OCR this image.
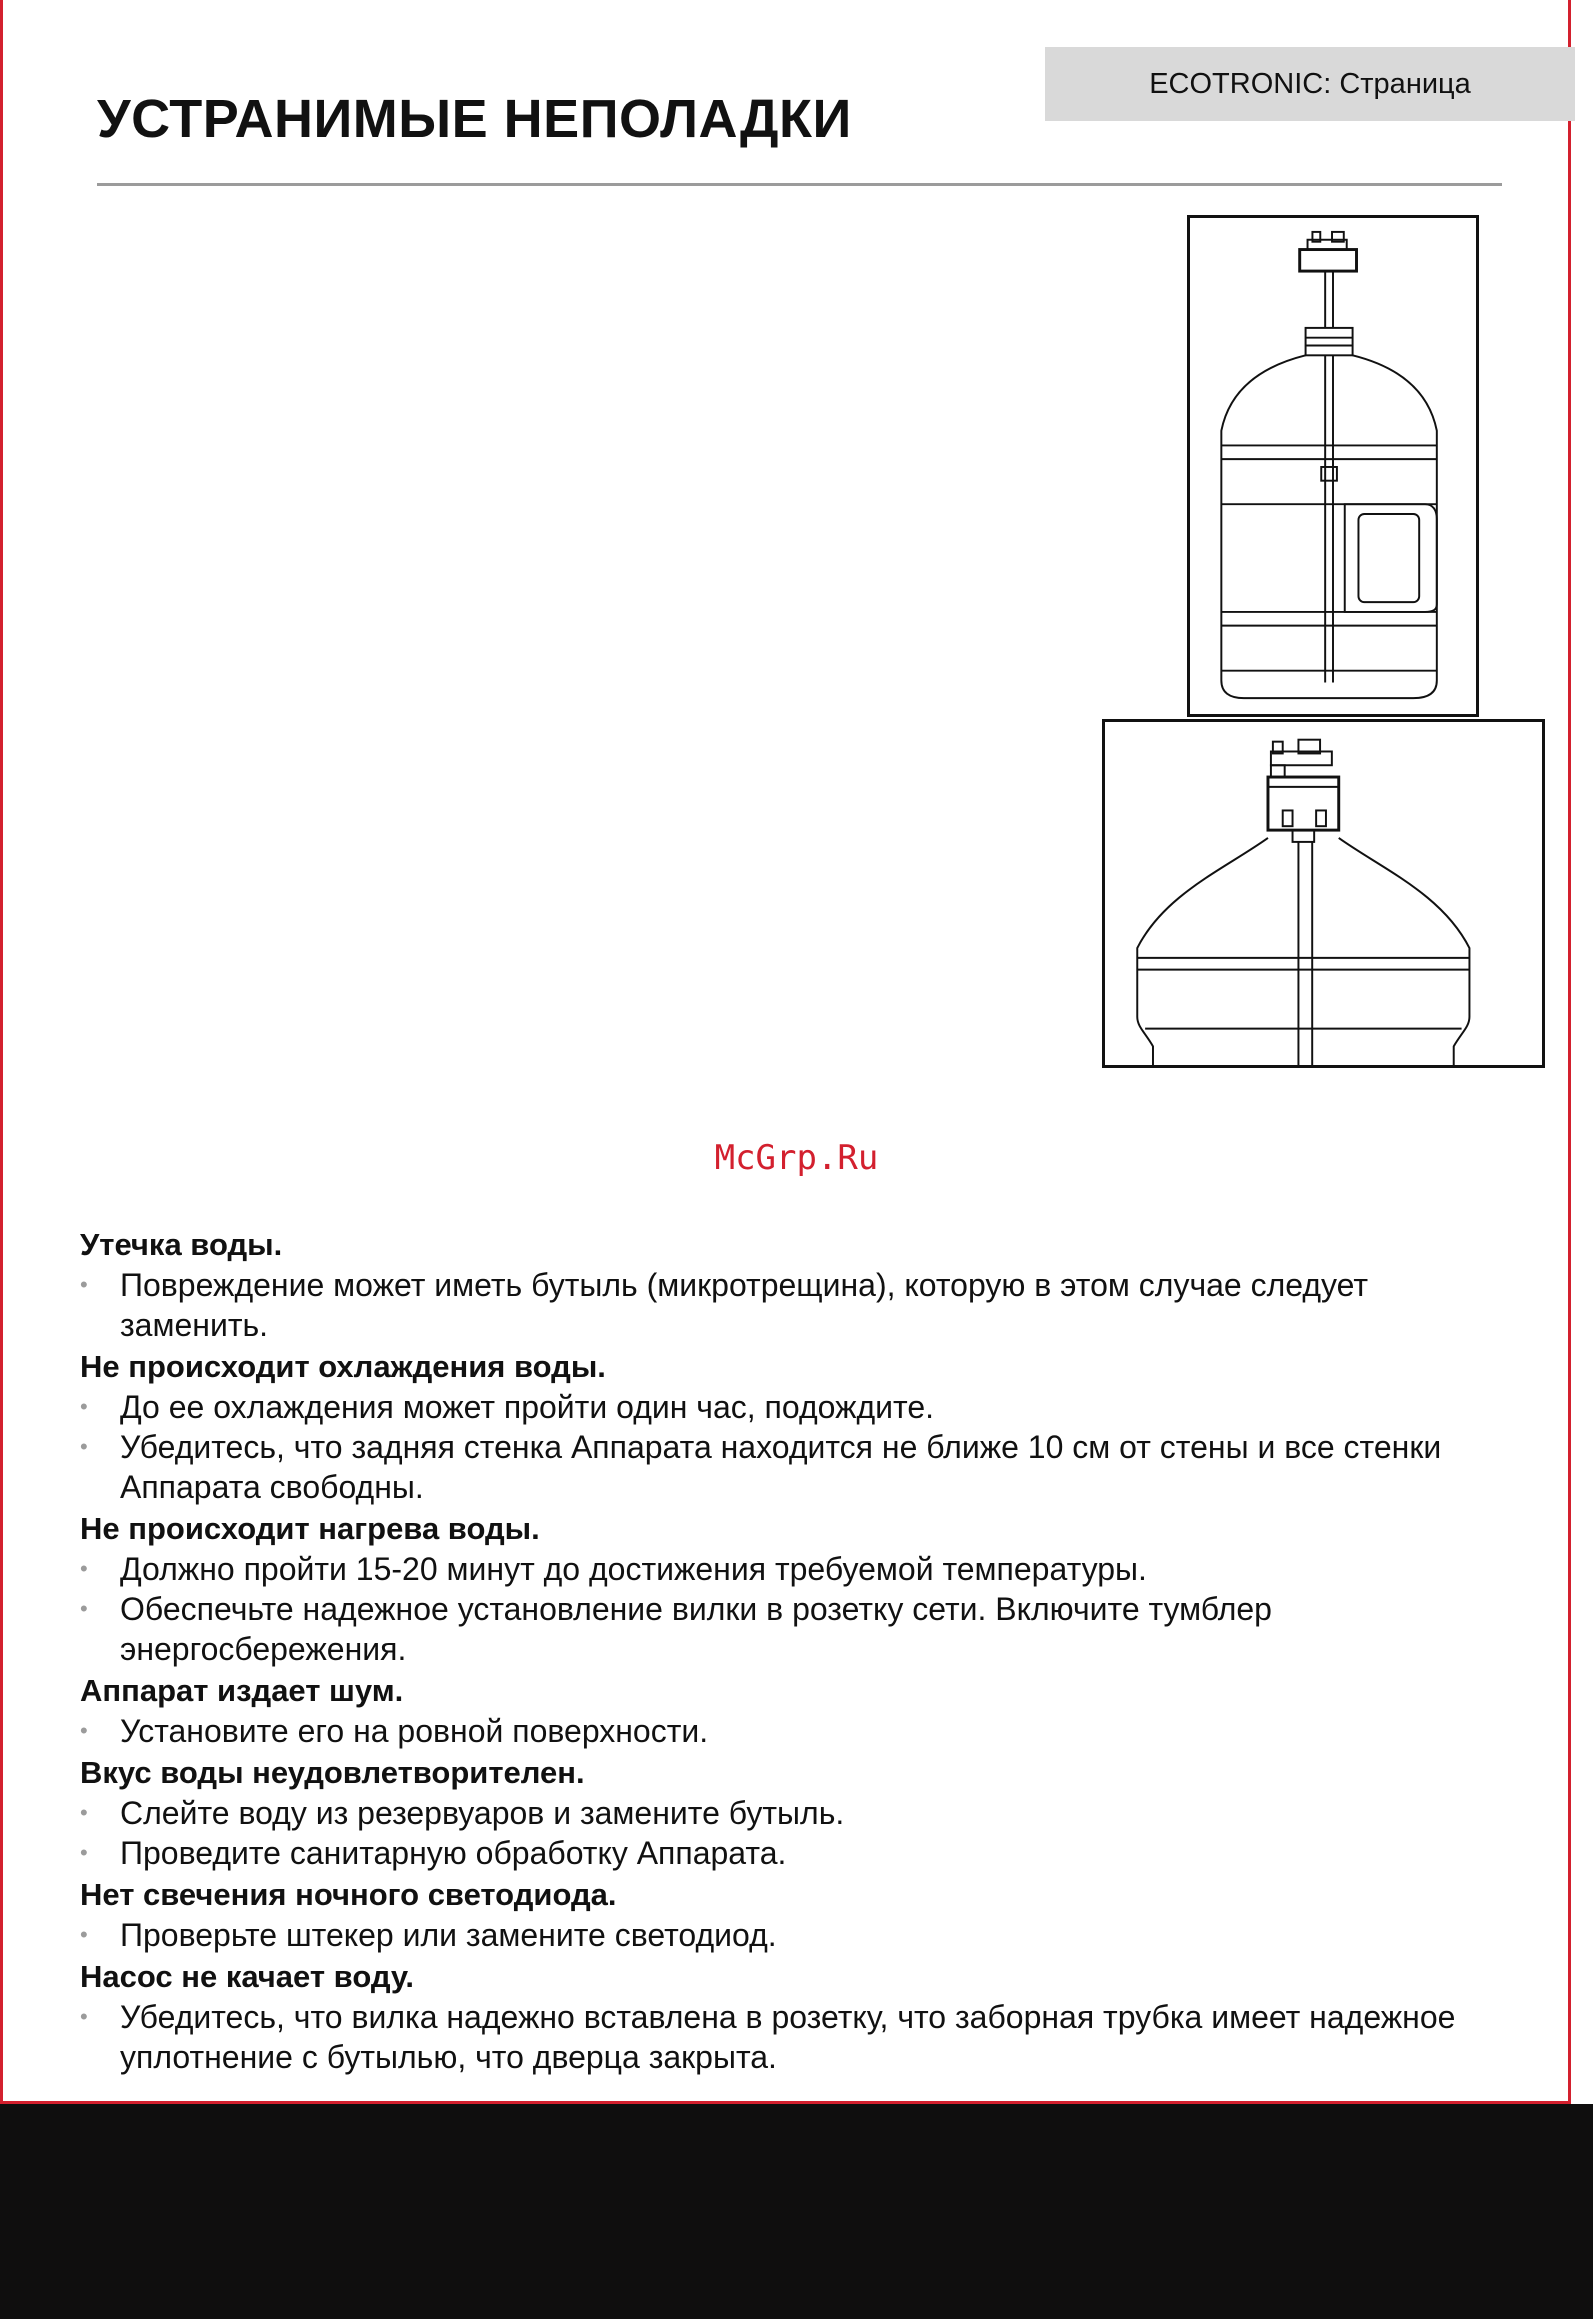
ECOTRONIC: Страница
УСТРАНИМЫЕ НЕПОЛАДКИ
McGrp.Ru

Утечка воды.

•	Повреждение может иметь бутыль (микротрещина), которую в этом случае следует заменить.

Не происходит охлаждения воды.

•	До ее охлаждения может пройти один час, подождите.
•	Убедитесь, что задняя стенка Аппарата находится не ближе 10 см от стены и все стенки Аппарата свободны.

Не происходит нагрева воды.

•	Должно пройти 15-20 минут до достижения требуемой температуры.
•	Обеспечьте надежное установление вилки в розетку сети. Включите тумблер энергосбережения.

Аппарат издает шум.

•	Установите его на ровной поверхности.

Вкус воды неудовлетворителен.

•	Слейте воду из резервуаров и замените бутыль.
•	Проведите санитарную обработку Аппарата.

Нет свечения ночного светодиода.

•	Проверьте штекер или замените светодиод.

Насос не качает воду.

•	Убедитесь, что вилка надежно вставлена в розетку, что заборная трубка имеет надежное уплотнение с бутылью, что дверца закрыта.
